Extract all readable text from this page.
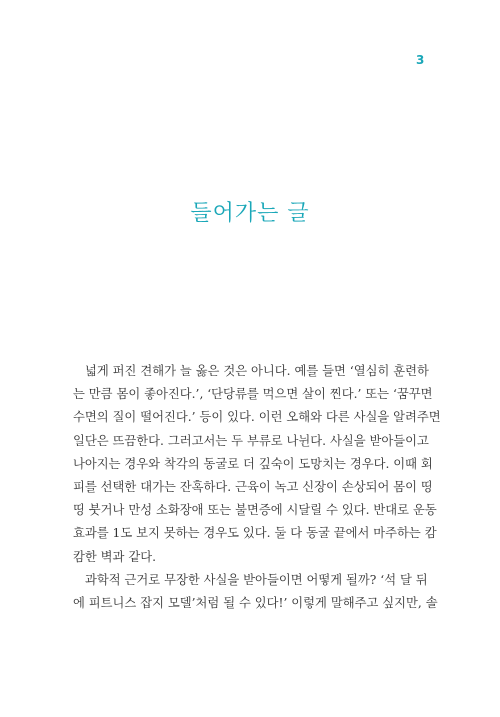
3
들어가는 글
넓게 퍼진 견해가 늘 옳은 것은 아니다. 예를 들면 ‘열심히 훈련하
는 만큼 몸이 좋아진다.’, ‘단당류를 먹으면 살이 찐다.’ 또는 ‘꿈꾸면
수면의 질이 떨어진다.’ 등이 있다. 이런 오해와 다른 사실을 알려주면
일단은 뜨끔한다. 그러고서는 두 부류로 나뉜다. 사실을 받아들이고
나아지는 경우와 착각의 동굴로 더 깊숙이 도망치는 경우다. 이때 회
피를 선택한 대가는 잔혹하다. 근육이 녹고 신장이 손상되어 몸이 띵
띵 붓거나 만성 소화장애 또는 불면증에 시달릴 수 있다. 반대로 운동
효과를 1도 보지 못하는 경우도 있다. 둘 다 동굴 끝에서 마주하는 캄
캄한 벽과 같다.
과학적 근거로 무장한 사실을 받아들이면 어떻게 될까? ‘석 달 뒤
에 피트니스 잡지 모델’처럼 될 수 있다!’ 이렇게 말해주고 싶지만, 솔
